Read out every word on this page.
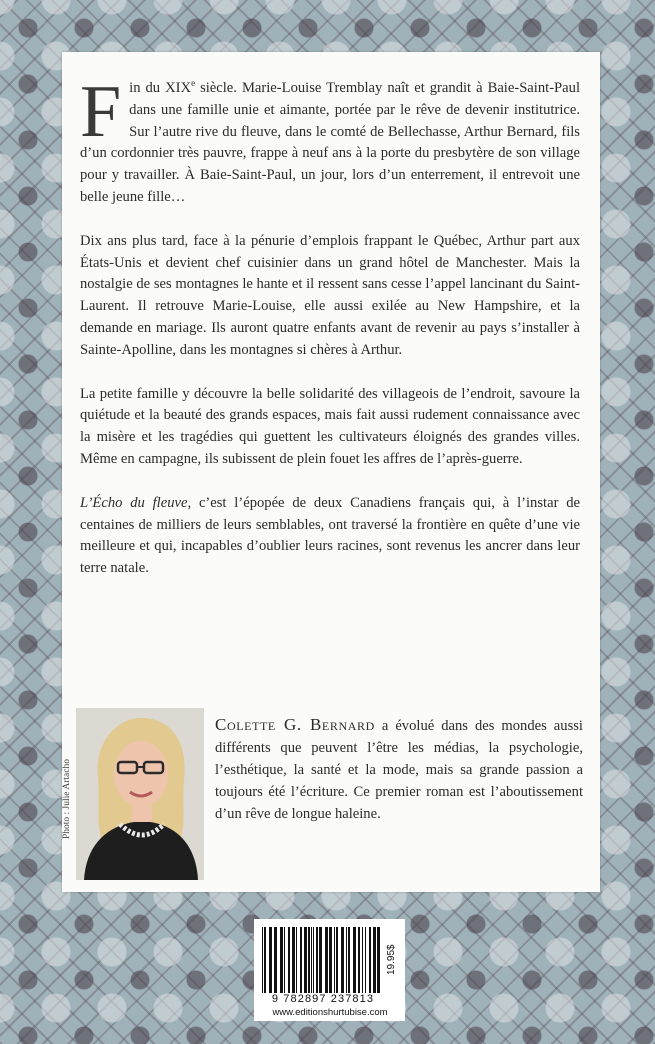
Fin du XIXe siècle. Marie-Louise Tremblay naît et grandit à Baie-Saint-Paul dans une famille unie et aimante, portée par le rêve de devenir institutrice. Sur l’autre rive du fleuve, dans le comté de Bellechasse, Arthur Bernard, fils d’un cordonnier très pauvre, frappe à neuf ans à la porte du presbytère de son village pour y travailler. À Baie-Saint-Paul, un jour, lors d’un enterrement, il entrevoit une belle jeune fille…

Dix ans plus tard, face à la pénurie d’emplois frappant le Québec, Arthur part aux États-Unis et devient chef cuisinier dans un grand hôtel de Manchester. Mais la nostalgie de ses montagnes le hante et il ressent sans cesse l’appel lancinant du Saint-Laurent. Il retrouve Marie-Louise, elle aussi exilée au New Hampshire, et la demande en mariage. Ils auront quatre enfants avant de revenir au pays s’installer à Sainte-Apolline, dans les montagnes si chères à Arthur.

La petite famille y découvre la belle solidarité des villageois de l’endroit, savoure la quiétude et la beauté des grands espaces, mais fait aussi rudement connaissance avec la misère et les tragédies qui guettent les cultivateurs éloignés des grandes villes. Même en campagne, ils subissent de plein fouet les affres de l’après-guerre.

L’Écho du fleuve, c’est l’épopée de deux Canadiens français qui, à l’instar de centaines de milliers de leurs semblables, ont traversé la frontière en quête d’une vie meilleure et qui, incapables d’oublier leurs racines, sont revenus les ancrer dans leur terre natale.

Photo : Julie Artacho
Colette G. Bernard a évolué dans des mondes aussi différents que peuvent l’être les médias, la psychologie, l’esthétique, la santé et la mode, mais sa grande passion a toujours été l’écriture. Ce premier roman est l’aboutissement d’un rêve de longue haleine.
9 782897 237813
19.95$
www.editionshurtubise.com
